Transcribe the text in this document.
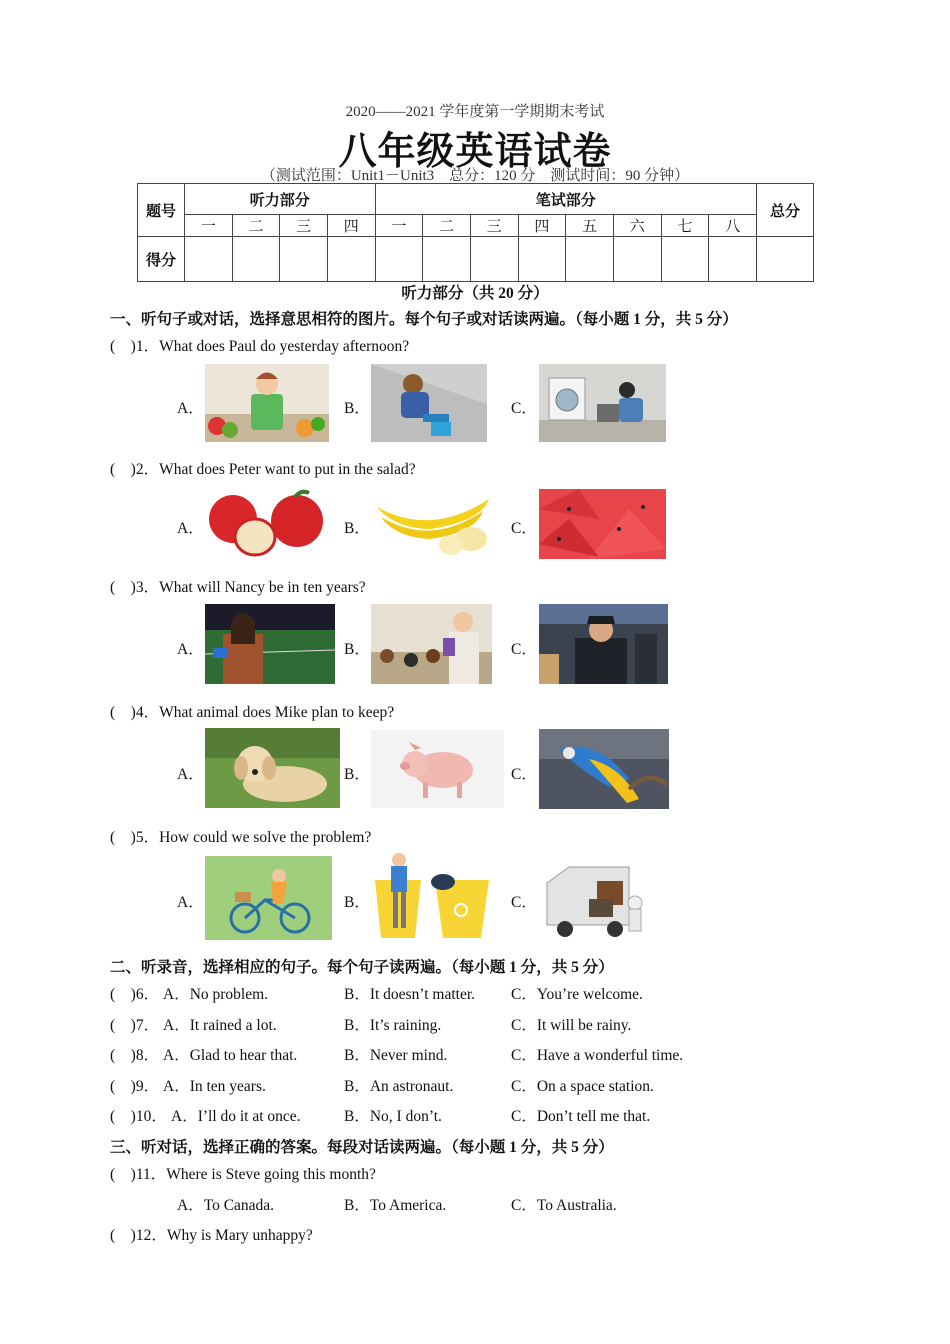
2020——2021 学年度第一学期期末考试
八年级英语试卷
（测试范围：Unit1－Unit3　总分：120 分　测试时间：90 分钟）
题号	听力部分				笔试部分								总分
	一	二	三	四	一	二	三	四	五	六	七	八	
得分													
听力部分（共 20 分）
一、听句子或对话，选择意思相符的图片。每个句子或对话读两遍。（每小题 1 分，共 5 分）
(　)1．What does Paul do yesterday afternoon?
A．	B．	C．
(　)2．What does Peter want to put in the salad?
A．	B．	C．
(　)3．What will Nancy be in ten years?
A．	B．	C．
(　)4．What animal does Mike plan to keep?
A．	B．	C．
(　)5．How could we solve the problem?
A．	B．	C．
二、听录音，选择相应的句子。每个句子读两遍。（每小题 1 分，共 5 分）
(　)6． A．No problem.	B．It doesn’t matter. C．You’re welcome.
(　)7． A．It rained a lot.	B．It’s raining.	C．It will be rainy.
(　)8． A．Glad to hear that.	B．Never mind.	C．Have a wonderful time.
(　)9． A．In ten years.	B．An astronaut.	C．On a space station.
(　)10． A．I’ll do it at once.	B．No, I don’t.	C．Don’t tell me that.
三、听对话，选择正确的答案。每段对话读两遍。（每小题 1 分，共 5 分）
(　)11．Where is Steve going this month?
A．To Canada.	B．To America.	C．To Australia.
(　)12．Why is Mary unhappy?
